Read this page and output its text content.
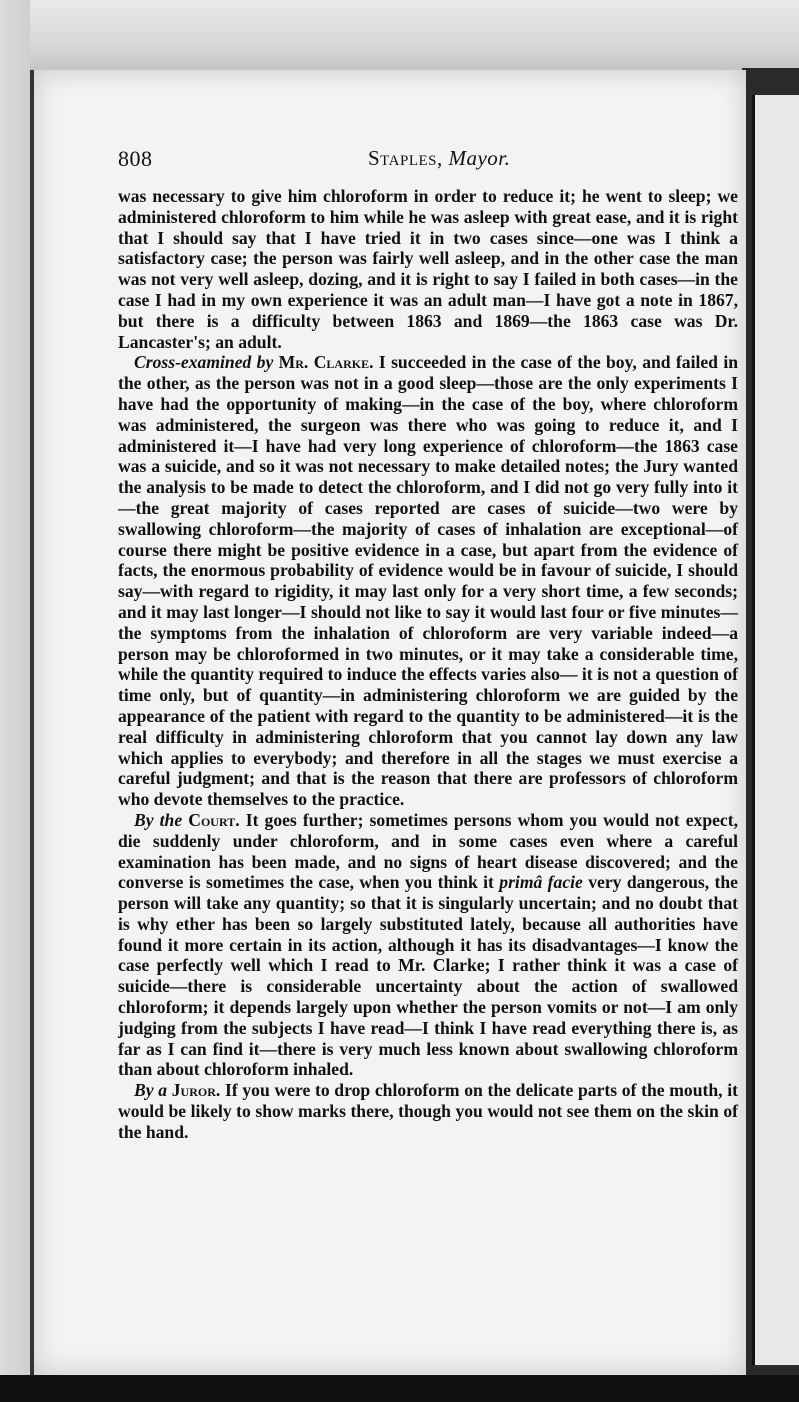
808	Staples, Mayor.

was necessary to give him chloroform in order to reduce it; he went to sleep; we administered chloroform to him while he was asleep with great ease, and it is right that I should say that I have tried it in two cases since—one was I think a satisfactory case; the person was fairly well asleep, and in the other case the man was not very well asleep, dozing, and it is right to say I failed in both cases—in the case I had in my own experience it was an adult man—I have got a note in 1867, but there is a difficulty between 1863 and 1869—the 1863 case was Dr. Lancaster's; an adult.

Cross-examined by Mr. Clarke. I succeeded in the case of the boy, and failed in the other, as the person was not in a good sleep—those are the only experiments I have had the opportunity of making—in the case of the boy, where chloroform was administered, the surgeon was there who was going to reduce it, and I administered it—I have had very long experience of chloroform—the 1863 case was a suicide, and so it was not necessary to make detailed notes; the Jury wanted the analysis to be made to detect the chloroform, and I did not go very fully into it—the great majority of cases reported are cases of suicide—two were by swallowing chloroform—the majority of cases of inhalation are exceptional—of course there might be positive evidence in a case, but apart from the evidence of facts, the enormous probability of evidence would be in favour of suicide, I should say—with regard to rigidity, it may last only for a very short time, a few seconds; and it may last longer—I should not like to say it would last four or five minutes—the symptoms from the inhalation of chloroform are very variable indeed—a person may be chloroformed in two minutes, or it may take a considerable time, while the quantity required to induce the effects varies also— it is not a question of time only, but of quantity—in administering chloroform we are guided by the appearance of the patient with regard to the quantity to be administered—it is the real difficulty in administering chloroform that you cannot lay down any law which applies to everybody; and therefore in all the stages we must exercise a careful judgment; and that is the reason that there are professors of chloroform who devote themselves to the practice.

By the Court. It goes further; sometimes persons whom you would not expect, die suddenly under chloroform, and in some cases even where a careful examination has been made, and no signs of heart disease discovered; and the converse is sometimes the case, when you think it primâ facie very dangerous, the person will take any quantity; so that it is singularly uncertain; and no doubt that is why ether has been so largely substituted lately, because all authorities have found it more certain in its action, although it has its disadvantages—I know the case perfectly well which I read to Mr. Clarke; I rather think it was a case of suicide—there is considerable uncertainty about the action of swallowed chloroform; it depends largely upon whether the person vomits or not—I am only judging from the subjects I have read—I think I have read everything there is, as far as I can find it—there is very much less known about swallowing chloroform than about chloroform inhaled.

By a Juror. If you were to drop chloroform on the delicate parts of the mouth, it would be likely to show marks there, though you would not see them on the skin of the hand.
